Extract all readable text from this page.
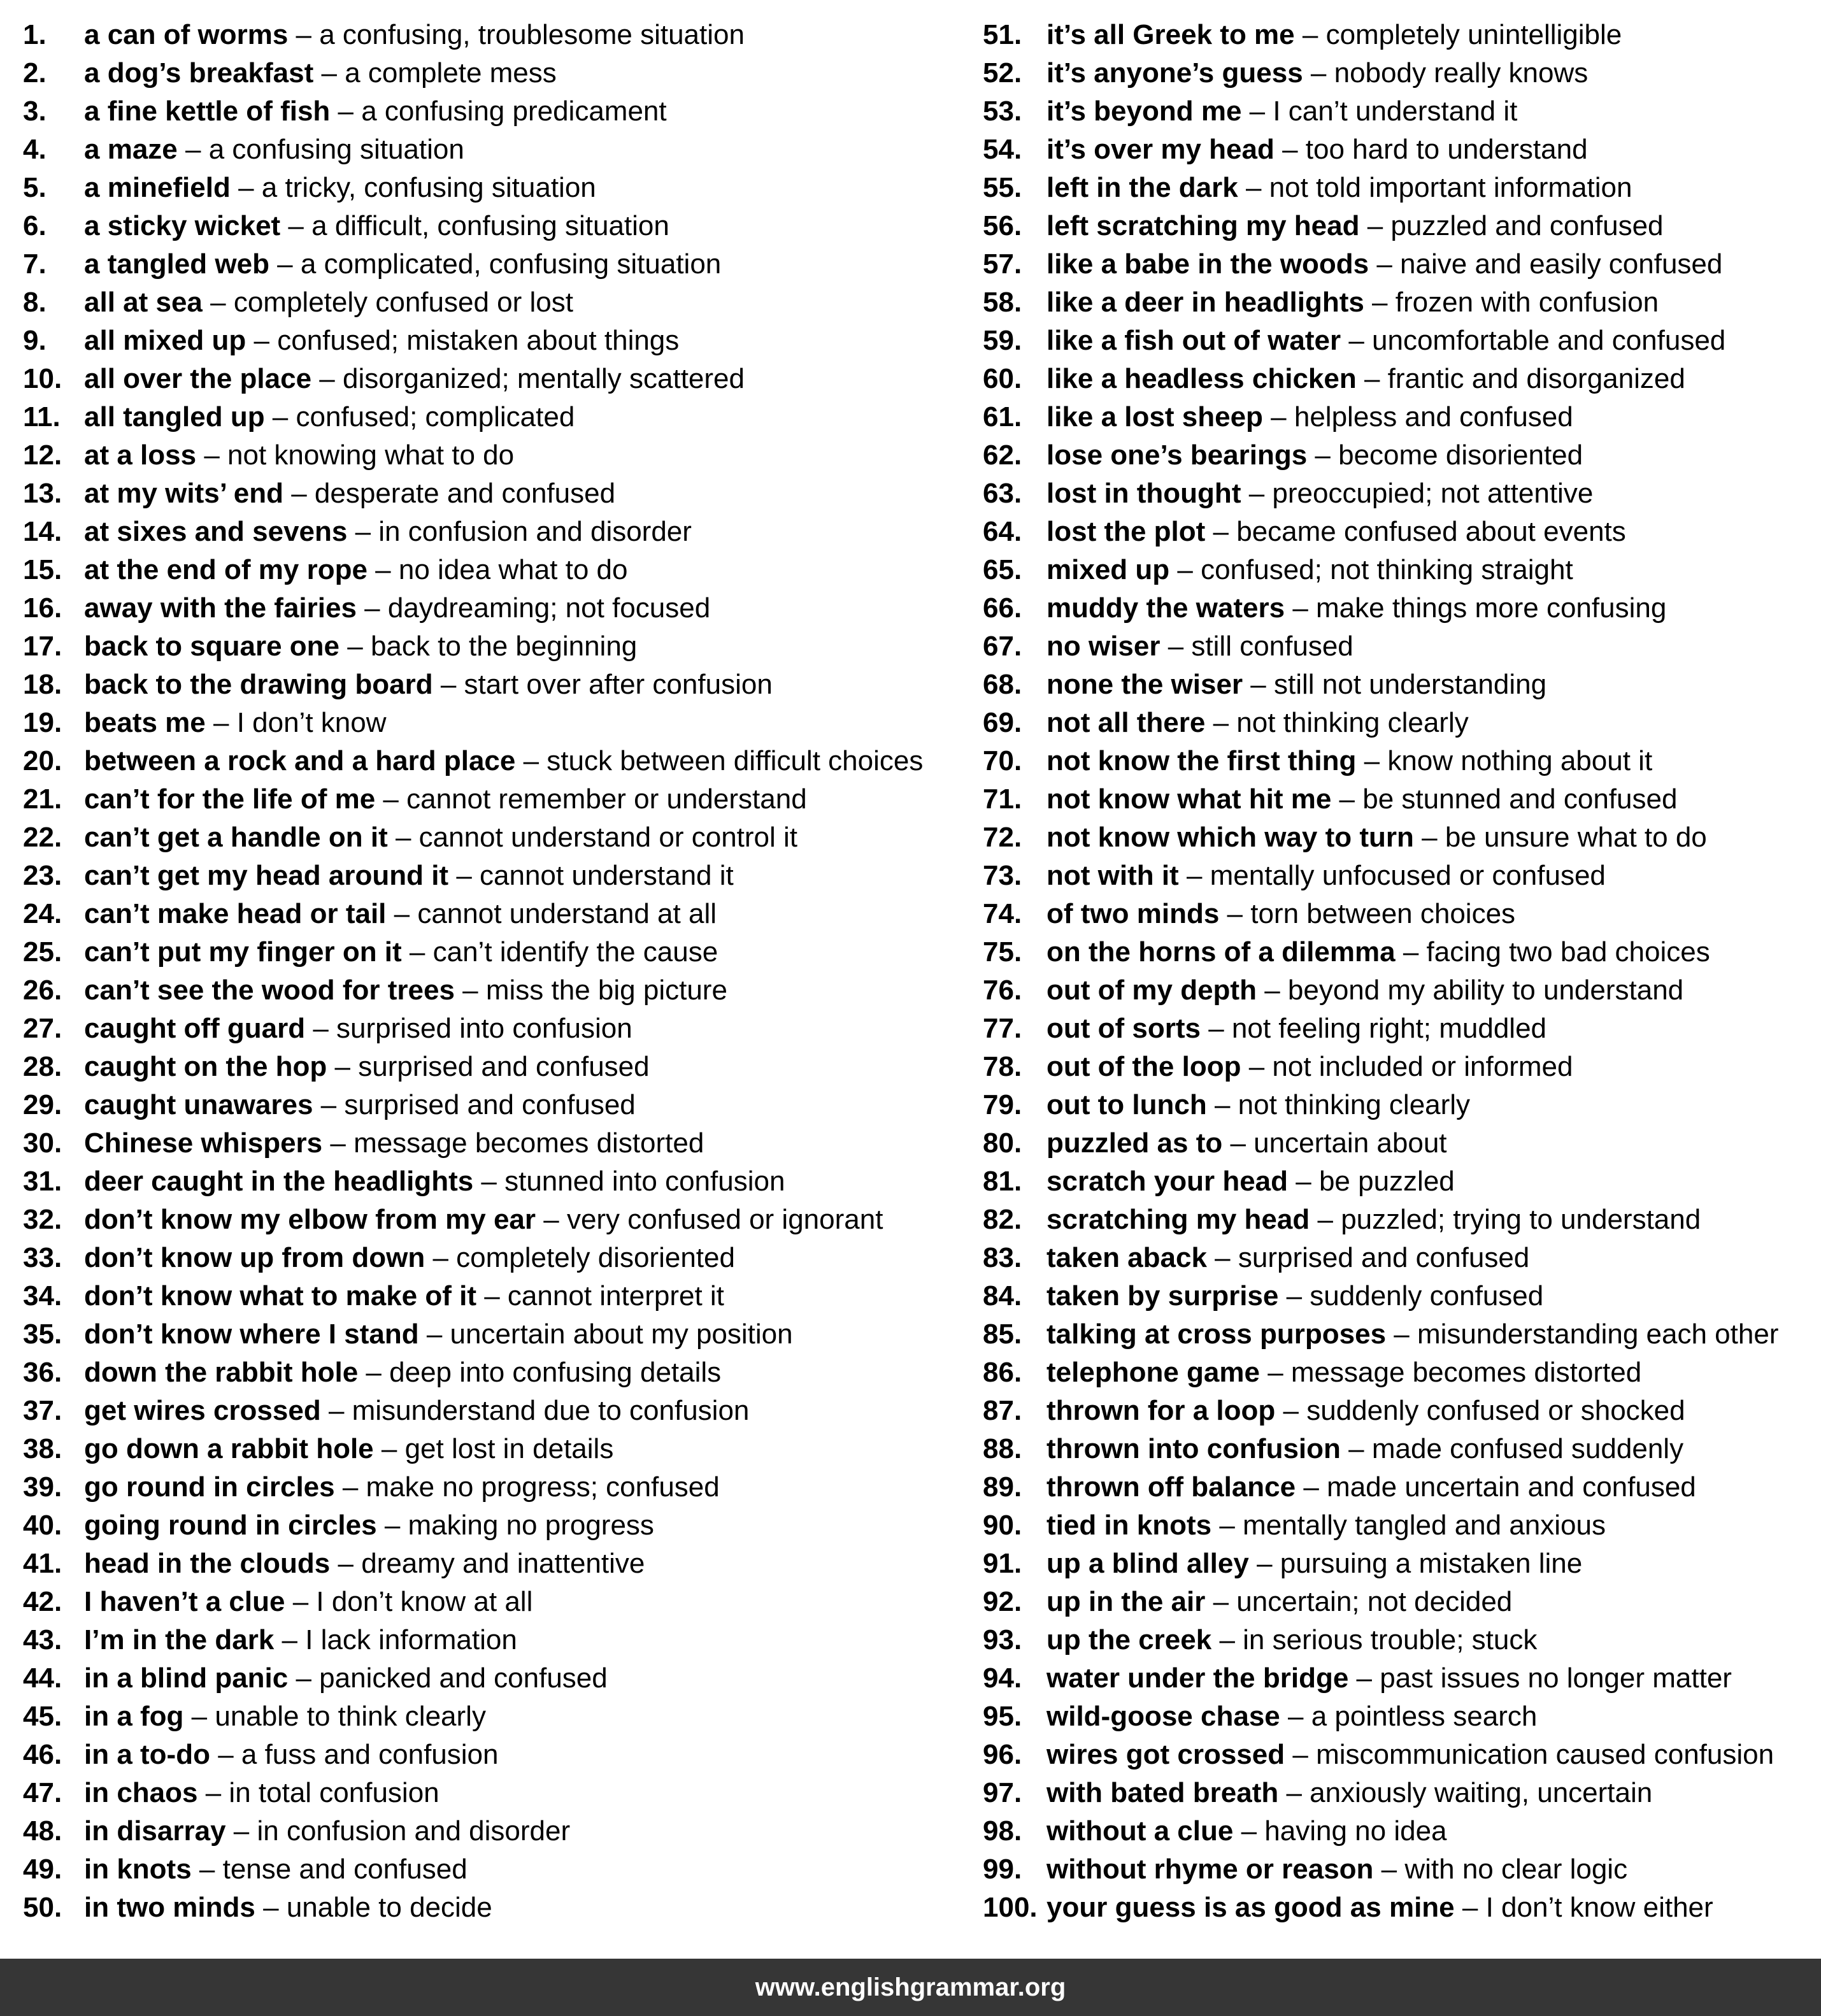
1. a can of worms – a confusing, troublesome situation
2. a dog’s breakfast – a complete mess
3. a fine kettle of fish – a confusing predicament
4. a maze – a confusing situation
5. a minefield – a tricky, confusing situation
6. a sticky wicket – a difficult, confusing situation
7. a tangled web – a complicated, confusing situation
8. all at sea – completely confused or lost
9. all mixed up – confused; mistaken about things
10. all over the place – disorganized; mentally scattered
11. all tangled up – confused; complicated
12. at a loss – not knowing what to do
13. at my wits’ end – desperate and confused
14. at sixes and sevens – in confusion and disorder
15. at the end of my rope – no idea what to do
16. away with the fairies – daydreaming; not focused
17. back to square one – back to the beginning
18. back to the drawing board – start over after confusion
19. beats me – I don’t know
20. between a rock and a hard place – stuck between difficult choices
21. can’t for the life of me – cannot remember or understand
22. can’t get a handle on it – cannot understand or control it
23. can’t get my head around it – cannot understand it
24. can’t make head or tail – cannot understand at all
25. can’t put my finger on it – can’t identify the cause
26. can’t see the wood for trees – miss the big picture
27. caught off guard – surprised into confusion
28. caught on the hop – surprised and confused
29. caught unawares – surprised and confused
30. Chinese whispers – message becomes distorted
31. deer caught in the headlights – stunned into confusion
32. don’t know my elbow from my ear – very confused or ignorant
33. don’t know up from down – completely disoriented
34. don’t know what to make of it – cannot interpret it
35. don’t know where I stand – uncertain about my position
36. down the rabbit hole – deep into confusing details
37. get wires crossed – misunderstand due to confusion
38. go down a rabbit hole – get lost in details
39. go round in circles – make no progress; confused
40. going round in circles – making no progress
41. head in the clouds – dreamy and inattentive
42. I haven’t a clue – I don’t know at all
43. I’m in the dark – I lack information
44. in a blind panic – panicked and confused
45. in a fog – unable to think clearly
46. in a to-do – a fuss and confusion
47. in chaos – in total confusion
48. in disarray – in confusion and disorder
49. in knots – tense and confused
50. in two minds – unable to decide
51. it’s all Greek to me – completely unintelligible
52. it’s anyone’s guess – nobody really knows
53. it’s beyond me – I can’t understand it
54. it’s over my head – too hard to understand
55. left in the dark – not told important information
56. left scratching my head – puzzled and confused
57. like a babe in the woods – naive and easily confused
58. like a deer in headlights – frozen with confusion
59. like a fish out of water – uncomfortable and confused
60. like a headless chicken – frantic and disorganized
61. like a lost sheep – helpless and confused
62. lose one’s bearings – become disoriented
63. lost in thought – preoccupied; not attentive
64. lost the plot – became confused about events
65. mixed up – confused; not thinking straight
66. muddy the waters – make things more confusing
67. no wiser – still confused
68. none the wiser – still not understanding
69. not all there – not thinking clearly
70. not know the first thing – know nothing about it
71. not know what hit me – be stunned and confused
72. not know which way to turn – be unsure what to do
73. not with it – mentally unfocused or confused
74. of two minds – torn between choices
75. on the horns of a dilemma – facing two bad choices
76. out of my depth – beyond my ability to understand
77. out of sorts – not feeling right; muddled
78. out of the loop – not included or informed
79. out to lunch – not thinking clearly
80. puzzled as to – uncertain about
81. scratch your head – be puzzled
82. scratching my head – puzzled; trying to understand
83. taken aback – surprised and confused
84. taken by surprise – suddenly confused
85. talking at cross purposes – misunderstanding each other
86. telephone game – message becomes distorted
87. thrown for a loop – suddenly confused or shocked
88. thrown into confusion – made confused suddenly
89. thrown off balance – made uncertain and confused
90. tied in knots – mentally tangled and anxious
91. up a blind alley – pursuing a mistaken line
92. up in the air – uncertain; not decided
93. up the creek – in serious trouble; stuck
94. water under the bridge – past issues no longer matter
95. wild-goose chase – a pointless search
96. wires got crossed – miscommunication caused confusion
97. with bated breath – anxiously waiting, uncertain
98. without a clue – having no idea
99. without rhyme or reason – with no clear logic
100. your guess is as good as mine – I don’t know either
www.englishgrammar.org
